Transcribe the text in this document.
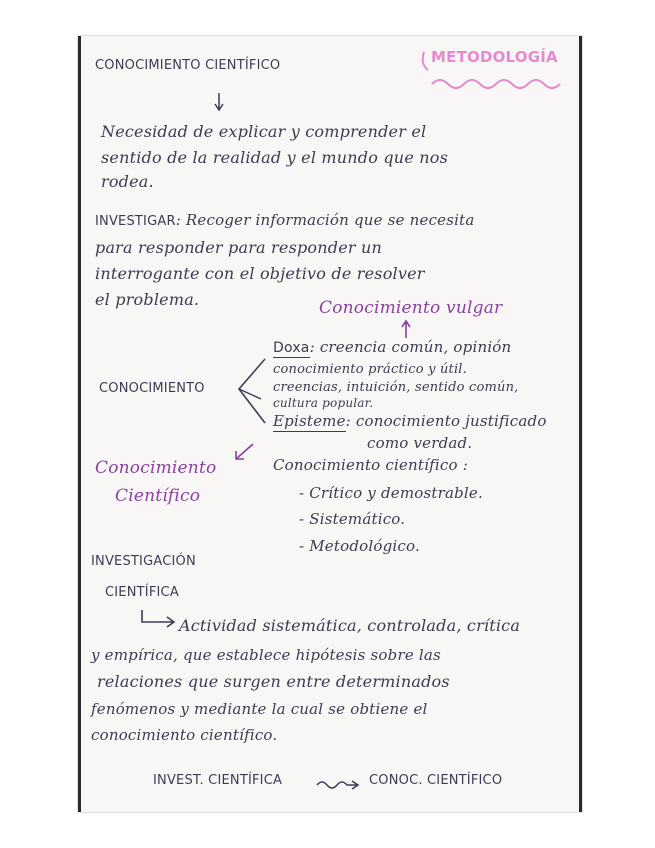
CONOCIMIENTO CIENTÍFICO	METODOLOGÍA
Necesidad de explicar y comprender el
sentido de la realidad y el mundo que nos
rodea.
INVESTIGAR: Recoger información que se necesita
para responder para responder un
interrogante con el objetivo de resolver
el problema.	Conocimiento vulgar
CONOCIMIENTO
Doxa: creencia común, opinión
conocimiento práctico y útil.
creencias, intuición, sentido común,
cultura popular.
Episteme: conocimiento justificado
como verdad.
Conocimiento
Científico
Conocimiento científico :
- Crítico y demostrable.
- Sistemático.
- Metodológico.
INVESTIGACIÓN
CIENTÍFICA
Actividad sistemática, controlada, crítica
y empírica, que establece hipótesis sobre las
relaciones que surgen entre determinados
fenómenos y mediante la cual se obtiene el
conocimiento científico.
INVEST. CIENTÍFICA	CONOC. CIENTÍFICO
